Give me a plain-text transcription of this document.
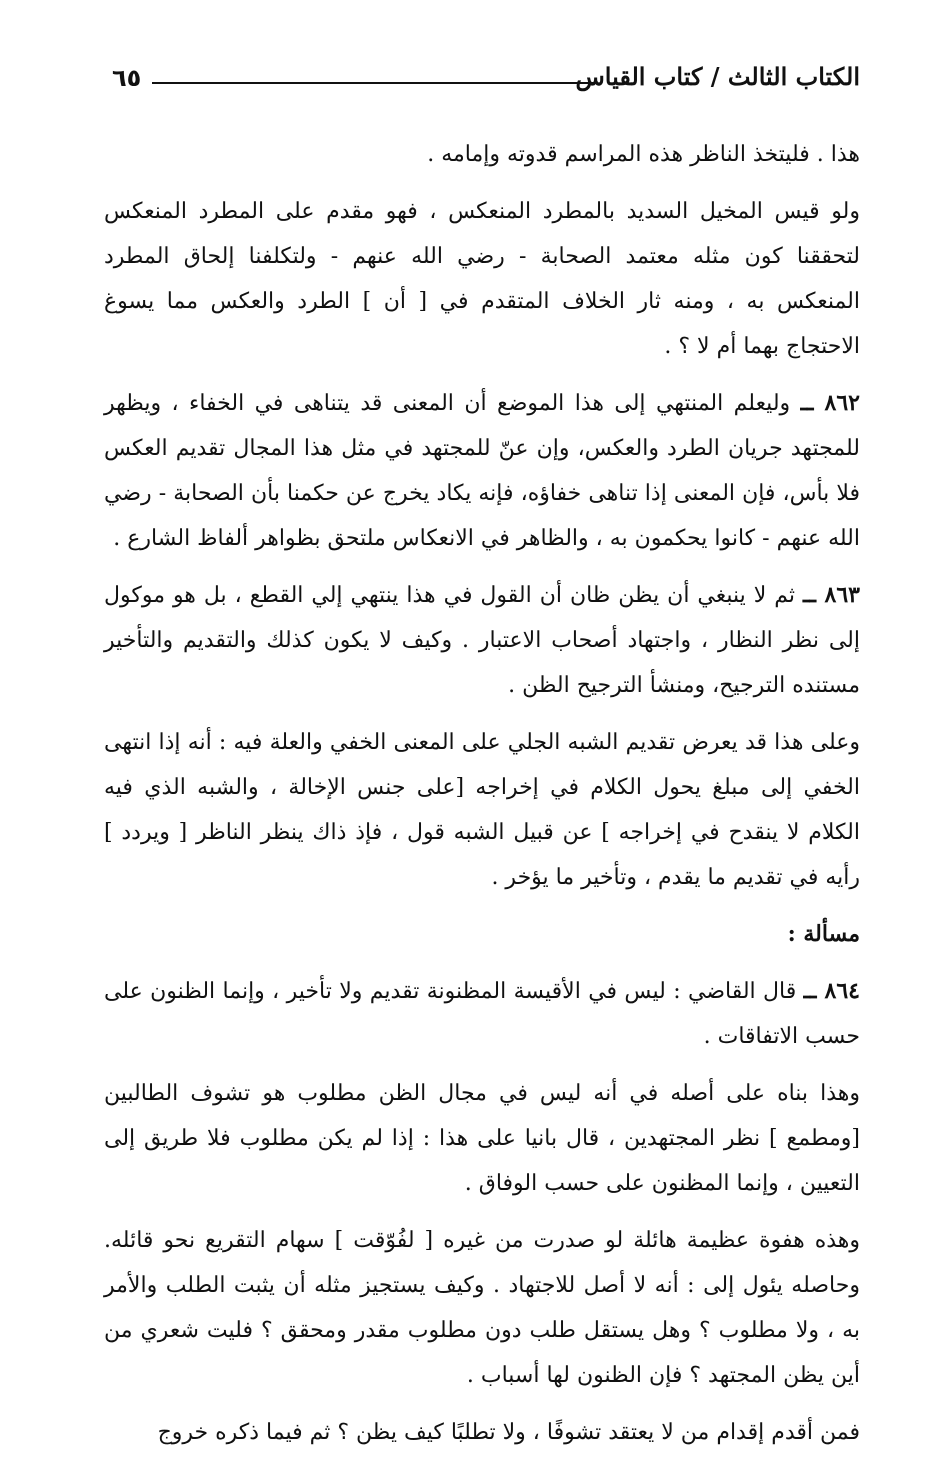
٦٥	الكتاب الثالث / كتاب القياس

هذا . فليتخذ الناظر هذه المراسم قدوته وإمامه .

ولو قيس المخيل السديد بالمطرد المنعكس ، فهو مقدم على المطرد المنعكس لتحققنا كون مثله معتمد الصحابة - رضي الله عنهم - ولتكلفنا إلحاق المطرد المنعكس به ، ومنه ثار الخلاف المتقدم في [ أن ] الطرد والعكس مما يسوغ الاحتجاج بهما أم لا ؟ .

٨٦٢ ــ وليعلم المنتهي إلى هذا الموضع أن المعنى قد يتناهى في الخفاء ، ويظهر للمجتهد جريان الطرد والعكس، وإن عنّ للمجتهد في مثل هذا المجال تقديم العكس فلا بأس، فإن المعنى إذا تناهى خفاؤه، فإنه يكاد يخرج عن حكمنا بأن الصحابة - رضي الله عنهم - كانوا يحكمون به ، والظاهر في الانعكاس ملتحق بظواهر ألفاظ الشارع .

٨٦٣ ــ ثم لا ينبغي أن يظن ظان أن القول في هذا ينتهي إلي القطع ، بل هو موكول إلى نظر النظار ، واجتهاد أصحاب الاعتبار . وكيف لا يكون كذلك والتقديم والتأخير مستنده الترجيح، ومنشأ الترجيح الظن .

وعلى هذا قد يعرض تقديم الشبه الجلي على المعنى الخفي والعلة فيه : أنه إذا انتهى الخفي إلى مبلغ يحول الكلام في إخراجه [على جنس الإخالة ، والشبه الذي فيه الكلام لا ينقدح في إخراجه ] عن قبيل الشبه قول ، فإذ ذاك ينظر الناظر [ ويردد ] رأيه في تقديم ما يقدم ، وتأخير ما يؤخر .

مسألة :

٨٦٤ ــ قال القاضي : ليس في الأقيسة المظنونة تقديم ولا تأخير ، وإنما الظنون على حسب الاتفاقات .

وهذا بناه على أصله في أنه ليس في مجال الظن مطلوب هو تشوف الطالبين [ومطمع ] نظر المجتهدين ، قال بانيا على هذا : إذا لم يكن مطلوب فلا طريق إلى التعيين ، وإنما المظنون على حسب الوفاق .

وهذه هفوة عظيمة هائلة لو صدرت من غيره [ لفُوّقت ] سهام التقريع نحو قائله. وحاصله يئول إلى : أنه لا أصل للاجتهاد . وكيف يستجيز مثله أن يثبت الطلب والأمر به ، ولا مطلوب ؟ وهل يستقل طلب دون مطلوب مقدر ومحقق ؟ فليت شعري من أين يظن المجتهد ؟ فإن الظنون لها أسباب .

فمن أقدم إقدام من لا يعتقد تشوفًا ، ولا تطلبًا كيف يظن ؟ ثم فيما ذكره خروج
